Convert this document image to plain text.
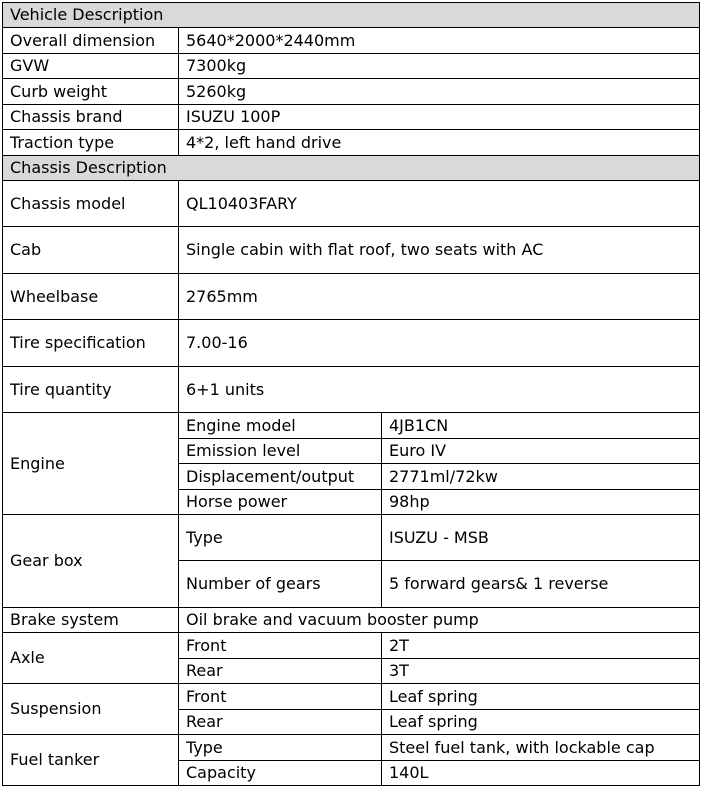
Vehicle Description		
Overall dimension	5640*2000*2440mm	
GVW	7300kg	
Curb weight	5260kg	
Chassis brand	ISUZU 100P	
Traction type	4*2, left hand drive	
Chassis Description		
Chassis model	QL10403FARY	
Cab	Single cabin with flat roof, two seats with AC	
Wheelbase	2765mm	
Tire specification	7.00-16	
Tire quantity	6+1 units	
Engine	Engine model	4JB1CN
	Emission level	Euro IV
	Displacement/output	2771ml/72kw
	Horse power	98hp
Gear box	Type	ISUZU - MSB
	Number of gears	5 forward gears& 1 reverse
Brake system	Oil brake and vacuum booster pump	
Axle	Front	2T
	Rear	3T
Suspension	Front	Leaf spring
	Rear	Leaf spring
Fuel tanker	Type	Steel fuel tank, with lockable cap
	Capacity	140L
